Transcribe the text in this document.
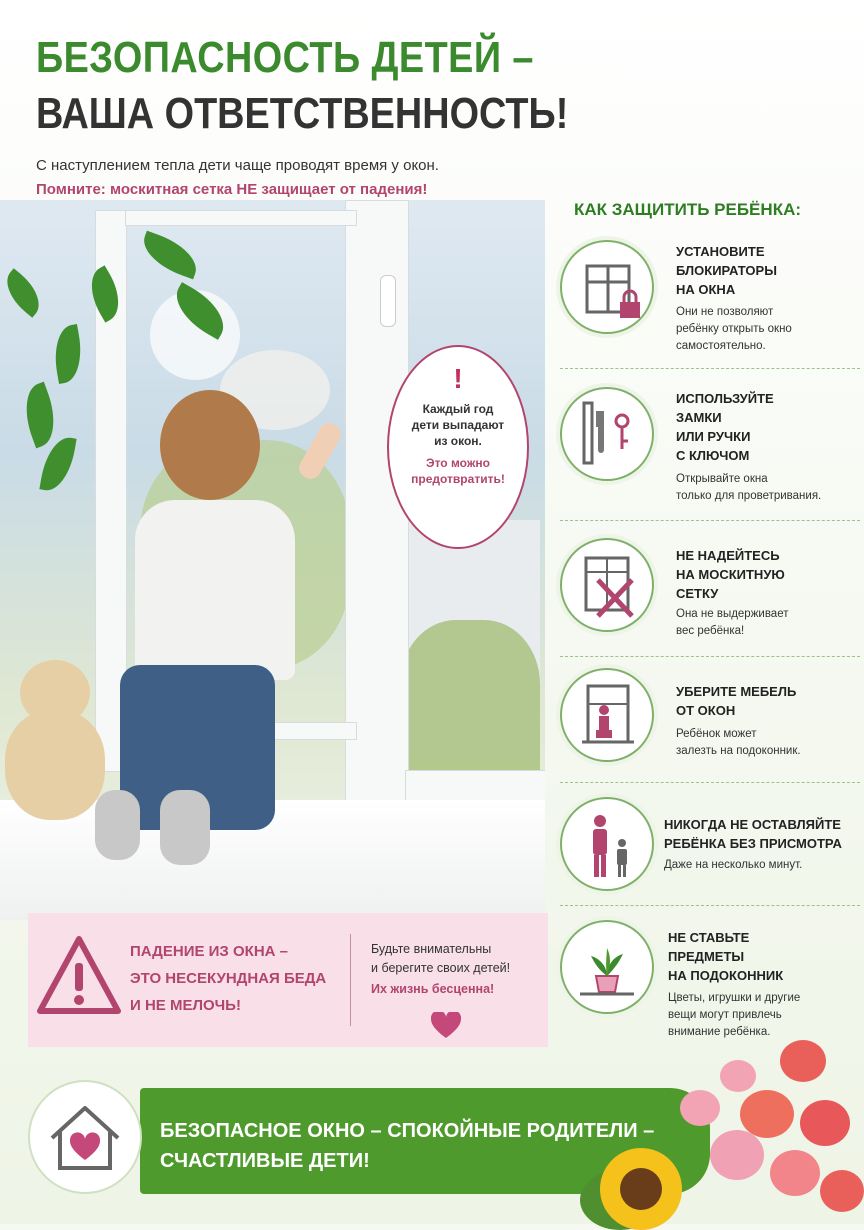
БЕЗОПАСНОСТЬ ДЕТЕЙ –
ВАША ОТВЕТСТВЕННОСТЬ!
С наступлением тепла дети чаще проводят время у окон.
Помните: москитная сетка НЕ защищает от падения!
!
Каждый год
дети выпадают
из окон.
Это можно
предотвратить!
КАК ЗАЩИТИТЬ РЕБЁНКА:
УСТАНОВИТЕ
БЛОКИРАТОРЫ
НА ОКНА
Они не позволяют
ребёнку открыть окно
самостоятельно.
ИСПОЛЬЗУЙТЕ
ЗАМКИ
ИЛИ РУЧКИ
С КЛЮЧОМ
Открывайте окна
только для проветривания.
НЕ НАДЕЙТЕСЬ
НА МОСКИТНУЮ
СЕТКУ
Она не выдерживает
вес ребёнка!
УБЕРИТЕ МЕБЕЛЬ
ОТ ОКОН
Ребёнок может
залезть на подоконник.
НИКОГДА НЕ ОСТАВЛЯЙТЕ
РЕБЁНКА БЕЗ ПРИСМОТРА
Даже на несколько минут.
НЕ СТАВЬТЕ
ПРЕДМЕТЫ
НА ПОДОКОННИК
Цветы, игрушки и другие
вещи могут привлечь
внимание ребёнка.
ПАДЕНИЕ ИЗ ОКНА –
ЭТО НЕСЕКУНДНАЯ БЕДА
И НЕ МЕЛОЧЬ!
Будьте внимательны
и берегите своих детей!
Их жизнь бесценна!
БЕЗОПАСНОЕ ОКНО – СПОКОЙНЫЕ РОДИТЕЛИ –
СЧАСТЛИВЫЕ ДЕТИ!
